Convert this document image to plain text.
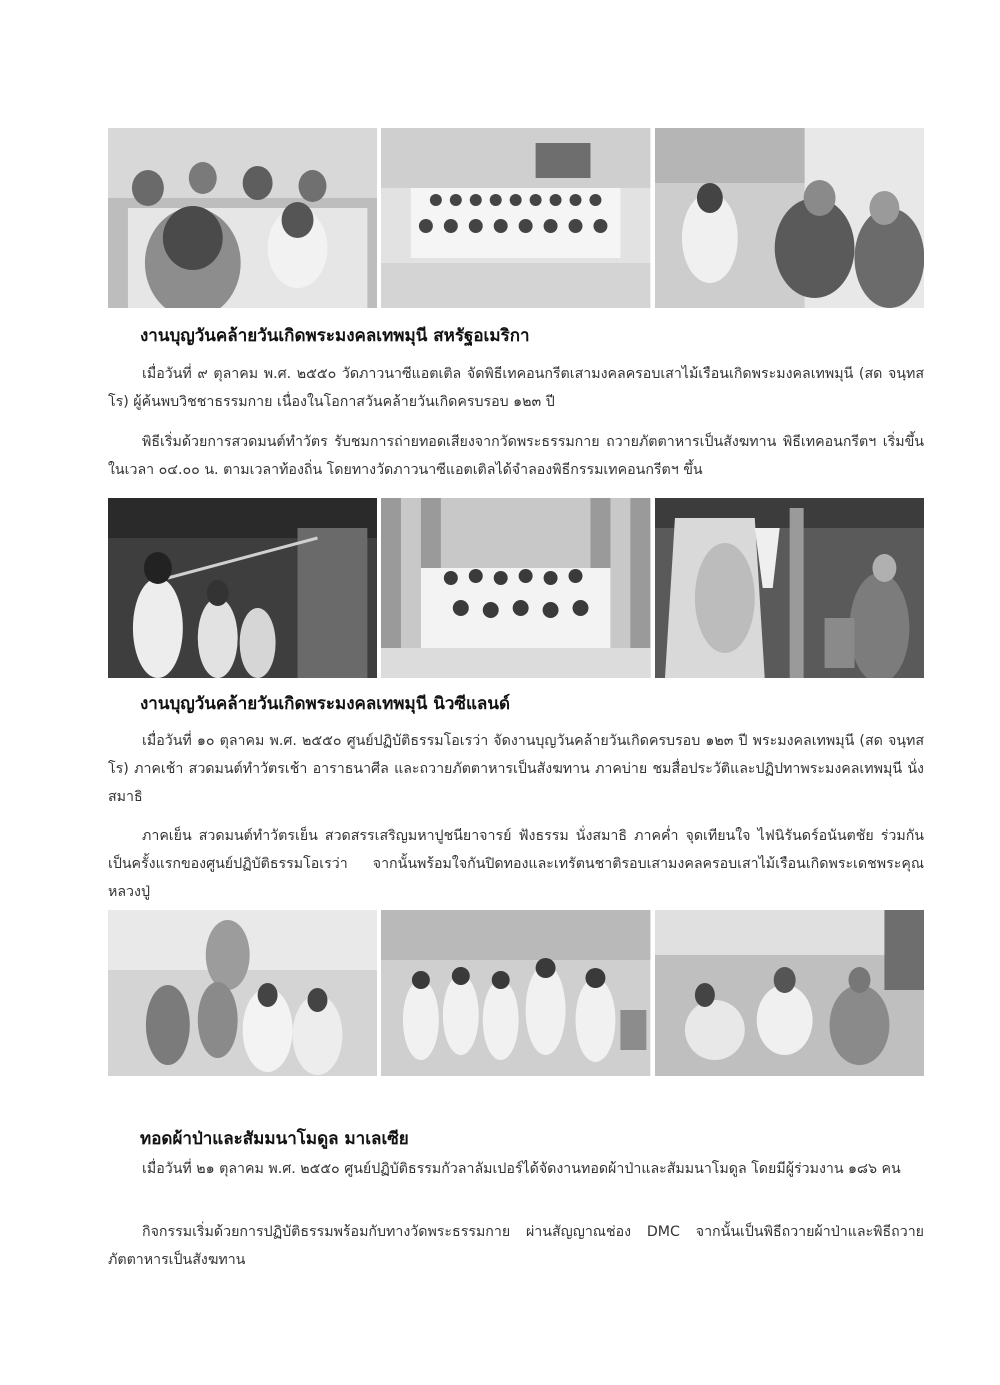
งานบุญวันคล้ายวันเกิดพระมงคลเทพมุนี สหรัฐอเมริกา

เมื่อวันที่ ๙ ตุลาคม พ.ศ. ๒๕๕๐ วัดภาวนาซีแอตเติล จัดพิธีเทคอนกรีตเสามงคลครอบเสาไม้เรือนเกิดพระมงคลเทพมุนี (สด จนฺทสโร) ผู้ค้นพบวิชชาธรรมกาย เนื่องในโอกาสวันคล้ายวันเกิดครบรอบ ๑๒๓ ปี

พิธีเริ่มด้วยการสวดมนต์ทำวัตร รับชมการถ่ายทอดเสียงจากวัดพระธรรมกาย ถวายภัตตาหารเป็นสังฆทาน พิธีเทคอนกรีตฯ เริ่มขึ้นในเวลา ๐๔.๐๐ น. ตามเวลาท้องถิ่น โดยทางวัดภาวนาซีแอตเติลได้จำลองพิธีกรรมเทคอนกรีตฯ ขึ้น

งานบุญวันคล้ายวันเกิดพระมงคลเทพมุนี นิวซีแลนด์

เมื่อวันที่ ๑๐ ตุลาคม พ.ศ. ๒๕๕๐ ศูนย์ปฏิบัติธรรมโอเรว่า จัดงานบุญวันคล้ายวันเกิดครบรอบ ๑๒๓ ปี พระมงคลเทพมุนี (สด จนฺทสโร) ภาคเช้า สวดมนต์ทำวัตรเช้า อาราธนาศีล และถวายภัตตาหารเป็นสังฆทาน ภาคบ่าย ชมสื่อประวัติและปฏิปทาพระมงคลเทพมุนี นั่งสมาธิ

ภาคเย็น สวดมนต์ทำวัตรเย็น สวดสรรเสริญมหาปูชนียาจารย์ ฟังธรรม นั่งสมาธิ ภาคค่ำ จุดเทียนใจ ไฟนิรันดร์อนันตชัย ร่วมกันเป็นครั้งแรกของศูนย์ปฏิบัติธรรมโอเรว่า จากนั้นพร้อมใจกันปิดทองและเทรัตนชาติรอบเสามงคลครอบเสาไม้เรือนเกิดพระเดชพระคุณหลวงปู่

ทอดผ้าป่าและสัมมนาโมดูล มาเลเซีย

เมื่อวันที่ ๒๑ ตุลาคม พ.ศ. ๒๕๕๐ ศูนย์ปฏิบัติธรรมกัวลาลัมเปอร์ได้จัดงานทอดผ้าป่าและสัมมนาโมดูล โดยมีผู้ร่วมงาน ๑๘๖ คน

กิจกรรมเริ่มด้วยการปฏิบัติธรรมพร้อมกับทางวัดพระธรรมกาย ผ่านสัญญาณช่อง DMC จากนั้นเป็นพิธีถวายผ้าป่าและพิธีถวายภัตตาหารเป็นสังฆทาน
